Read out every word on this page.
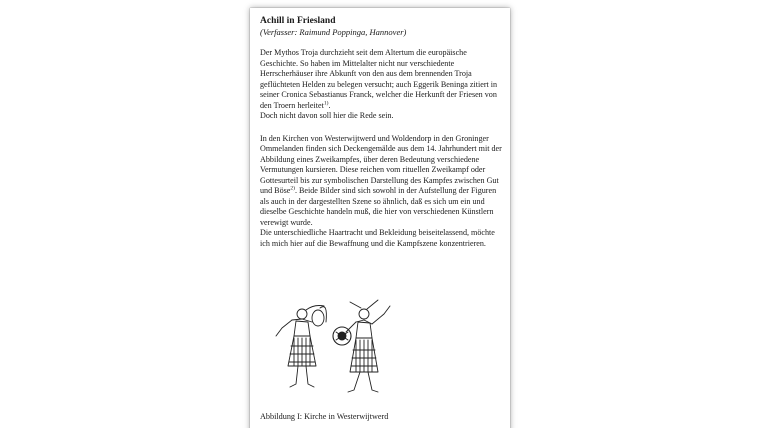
Achill in Friesland

(Verfasser: Raimund Poppinga, Hannover)

Der Mythos Troja durchzieht seit dem Altertum die europäische Geschichte. So haben im Mittelalter nicht nur verschiedente Herrscherhäuser ihre Abkunft von den aus dem brennenden Troja geflüchteten Helden zu belegen versucht; auch Eggerik Beninga zitiert in seiner Cronica Sebastianus Franck, welcher die Herkunft der Friesen von den Troern herleitet$^{1)}$.
Doch nicht davon soll hier die Rede sein.

In den Kirchen von Westerwijtwerd und Woldendorp in den Groninger Ommelanden finden sich Deckengemälde aus dem 14. Jahrhundert mit der Abbildung eines Zweikampfes, über deren Bedeutung verschiedene Vermutungen kursieren. Diese reichen vom rituellen Zweikampf oder Gottesurteil bis zur symbolischen Darstellung des Kampfes zwischen Gut und Böse$^{2)}$. Beide Bilder sind sich sowohl in der Aufstellung der Figuren als auch in der dargestellten Szene so ähnlich, daß es sich um ein und dieselbe Geschichte handeln muß, die hier von verschiedenen Künstlern verewigt wurde.
Die unterschiedliche Haartracht und Bekleidung beiseitelassend, möchte ich mich hier auf die Bewaffnung und die Kampfszene konzentrieren.

Abbildung I: Kirche in Westerwijtwerd
